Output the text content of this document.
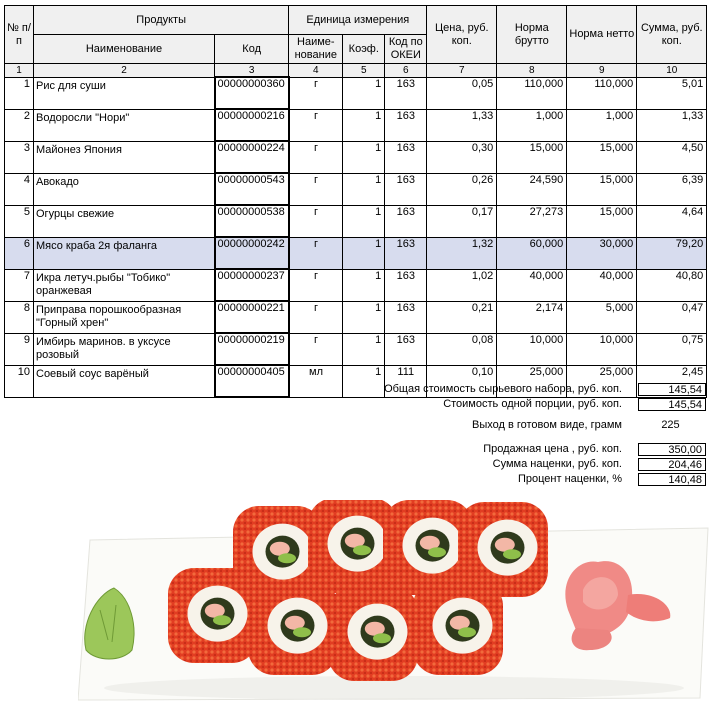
№ п/п	Продукты		Единица измерения			Цена, руб. коп.	Норма брутто	Норма нетто	Сумма, руб. коп.
	Наименование	Код	Наиме- нование	Коэф.	Код по ОКЕИ				
1	2	3	4	5	6	7	8	9	10
1	Рис для суши	00000000360	г	1	163	0,05	110,000	110,000	5,01
2	Водоросли "Нори"	00000000216	г	1	163	1,33	1,000	1,000	1,33
3	Майонез Япония	00000000224	г	1	163	0,30	15,000	15,000	4,50
4	Авокадо	00000000543	г	1	163	0,26	24,590	15,000	6,39
5	Огурцы свежие	00000000538	г	1	163	0,17	27,273	15,000	4,64
6	Мясо краба 2я фаланга	00000000242	г	1	163	1,32	60,000	30,000	79,20
7	Икра летуч.рыбы "Тобико" оранжевая	00000000237	г	1	163	1,02	40,000	40,000	40,80
8	Приправа порошкообразная "Горный хрен"	00000000221	г	1	163	0,21	2,174	5,000	0,47
9	Имбирь маринов. в уксусе розовый	00000000219	г	1	163	0,08	10,000	10,000	0,75
10	Соевый соус варёный	00000000405	мл	1	111	0,10	25,000	25,000	2,45
Общая стоимость сырьевого набора, руб. коп.	145,54
Стоимость одной порции, руб. коп.	145,54
Выход в готовом виде, грамм	225
Продажная цена , руб. коп.	350,00
Сумма наценки, руб. коп.	204,46
Процент наценки, %	140,48
